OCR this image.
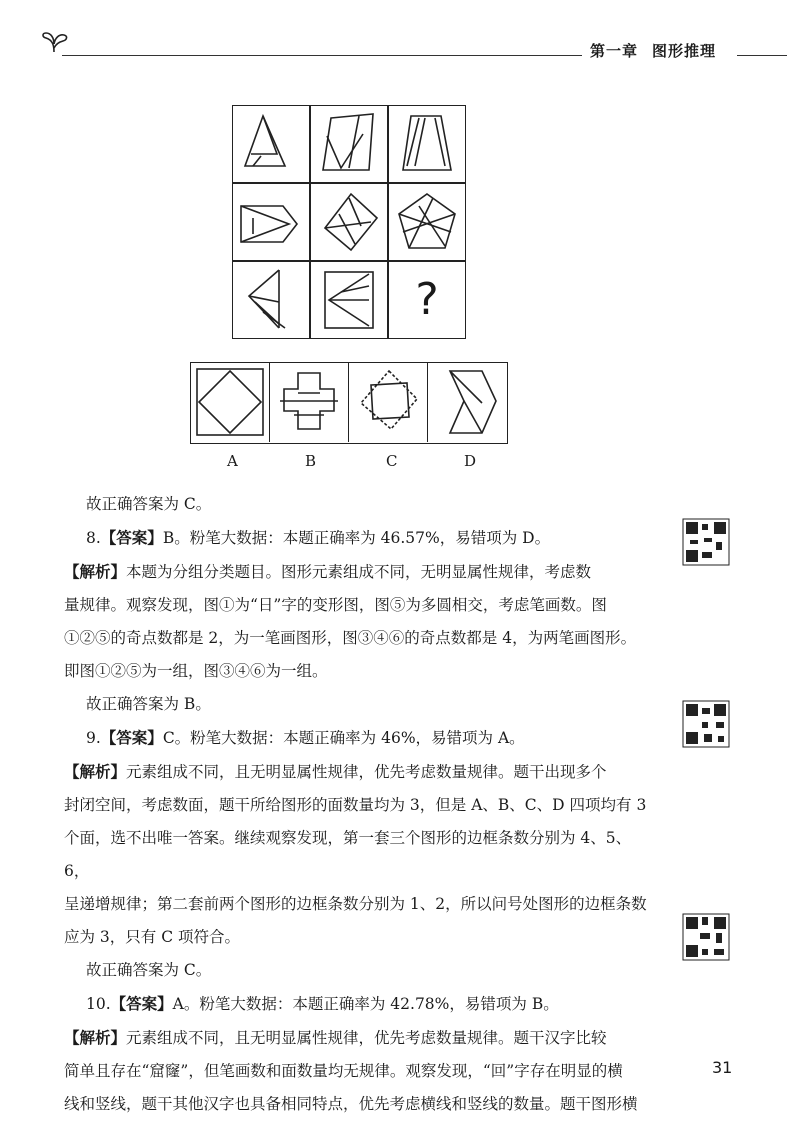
第一章 图形推理
?
A	B	C	D

故正确答案为 C。

8.【答案】B。粉笔大数据：本题正确率为 46.57%，易错项为 D。

【解析】本题为分组分类题目。图形元素组成不同，无明显属性规律，考虑数

量规律。观察发现，图①为“日”字的变形图，图⑤为多圆相交，考虑笔画数。图

①②⑤的奇点数都是 2，为一笔画图形，图③④⑥的奇点数都是 4，为两笔画图形。

即图①②⑤为一组，图③④⑥为一组。

故正确答案为 B。

9.【答案】C。粉笔大数据：本题正确率为 46%，易错项为 A。

【解析】元素组成不同，且无明显属性规律，优先考虑数量规律。题干出现多个

封闭空间，考虑数面，题干所给图形的面数量均为 3，但是 A、B、C、D 四项均有 3

个面，选不出唯一答案。继续观察发现，第一套三个图形的边框条数分别为 4、5、6，

呈递增规律；第二套前两个图形的边框条数分别为 1、2，所以问号处图形的边框条数

应为 3，只有 C 项符合。

故正确答案为 C。

10.【答案】A。粉笔大数据：本题正确率为 42.78%，易错项为 B。

【解析】元素组成不同，且无明显属性规律，优先考虑数量规律。题干汉字比较

简单且存在“窟窿”，但笔画数和面数量均无规律。观察发现，“回”字存在明显的横

线和竖线，题干其他汉字也具备相同特点，优先考虑横线和竖线的数量。题干图形横

31
